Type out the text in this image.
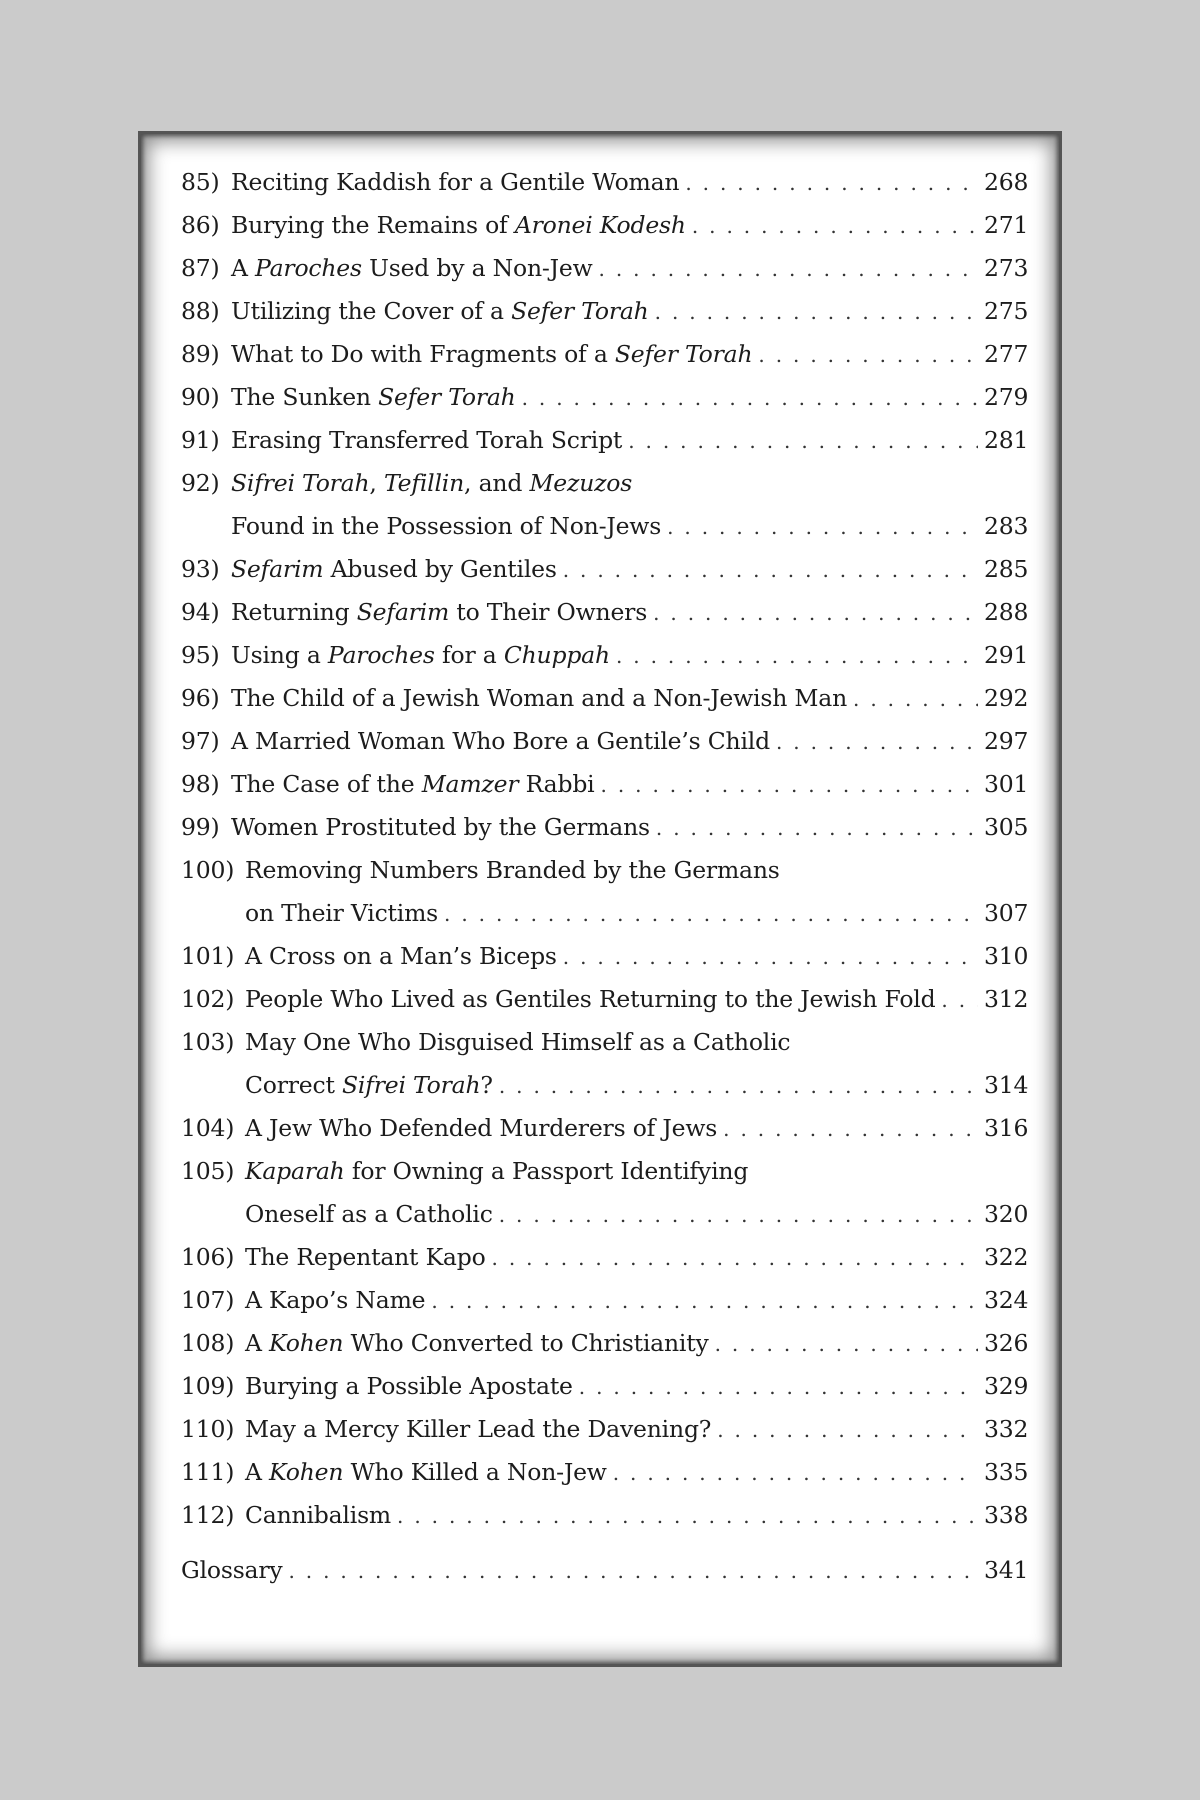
85) Reciting Kaddish for a Gentile Woman . . .	268
86) Burying the Remains of Aronei Kodesh . . .	271
87) A Paroches Used by a Non-Jew . . .	273
88) Utilizing the Cover of a Sefer Torah . . .	275
89) What to Do with Fragments of a Sefer Torah . . .	277
90) The Sunken Sefer Torah . . .	279
91) Erasing Transferred Torah Script . . .	281
92) Sifrei Torah, Tefillin, and Mezuzos
Found in the Possession of Non-Jews . . .	283
93) Sefarim Abused by Gentiles . . .	285
94) Returning Sefarim to Their Owners . . .	288
95) Using a Paroches for a Chuppah . . .	291
96) The Child of a Jewish Woman and a Non-Jewish Man . . .	292
97) A Married Woman Who Bore a Gentile’s Child . . .	297
98) The Case of the Mamzer Rabbi . . .	301
99) Women Prostituted by the Germans . . .	305
100) Removing Numbers Branded by the Germans
on Their Victims . . .	307
101) A Cross on a Man’s Biceps . . .	310
102) People Who Lived as Gentiles Returning to the Jewish Fold . . . 312
103) May One Who Disguised Himself as a Catholic
Correct Sifrei Torah? . . .	314
104) A Jew Who Defended Murderers of Jews . . .	316
105) Kaparah for Owning a Passport Identifying
Oneself as a Catholic . . .	320
106) The Repentant Kapo . . .	322
107) A Kapo’s Name . . .	324
108) A Kohen Who Converted to Christianity . . .	326
109) Burying a Possible Apostate . . .	329
110) May a Mercy Killer Lead the Davening? . . .	332
111) A Kohen Who Killed a Non-Jew . . .	335
112) Cannibalism . . .	338
Glossary . . .	341
